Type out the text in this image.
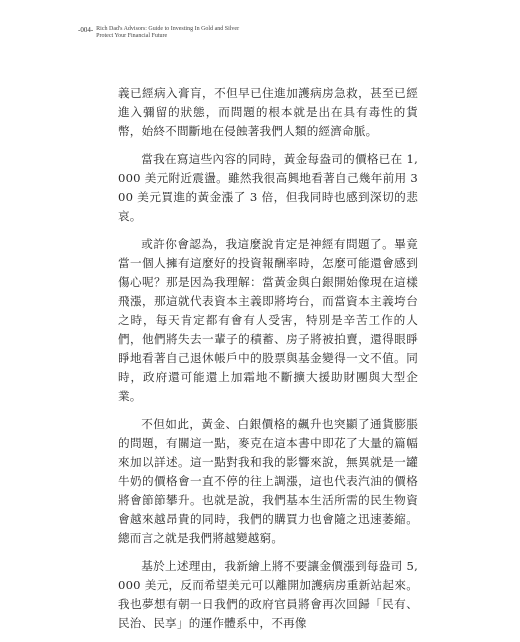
-004- Rich Dad's Advisors: Guide to Investing In Gold and Silver
Protect Your Financial Future

義已經病入膏肓，不但早已住進加護病房急救，甚至已經進入彌留的狀態，而問題的根本就是出在具有毒性的貨幣，始終不間斷地在侵蝕著我們人類的經濟命脈。

當我在寫這些內容的同時，黃金每盎司的價格已在 1,000 美元附近震盪。雖然我很高興地看著自己幾年前用 300 美元買進的黃金漲了 3 倍，但我同時也感到深切的悲哀。

或許你會認為，我這麼說肯定是神經有問題了。畢竟當一個人擁有這麼好的投資報酬率時，怎麼可能還會感到傷心呢？那是因為我理解：當黃金與白銀開始像現在這樣飛漲，那這就代表資本主義即將垮台，而當資本主義垮台之時，每天肯定都有會有人受害，特別是辛苦工作的人們，他們將失去一輩子的積蓄、房子將被拍賣，還得眼睜睜地看著自己退休帳戶中的股票與基金變得一文不值。同時，政府還可能還上加霜地不斷擴大援助財團與大型企業。

不但如此，黃金、白銀價格的飆升也突顯了通貨膨脹的問題，有關這一點，麥克在這本書中即花了大量的篇幅來加以詳述。這一點對我和我的影響來說，無異就是一罐牛奶的價格會一直不停的往上調漲，這也代表汽油的價格將會節節攀升。也就是說，我們基本生活所需的民生物資會越來越昂貴的同時，我們的購買力也會隨之迅速萎縮。總而言之就是我們將越變越窮。

基於上述理由，我新繪上將不要讓金價漲到每盎司 5,000 美元，反而希望美元可以離開加護病房重新站起來。我也夢想有朝一日我們的政府官員將會再次回歸「民有、民治、民享」的運作體系中，不再像
